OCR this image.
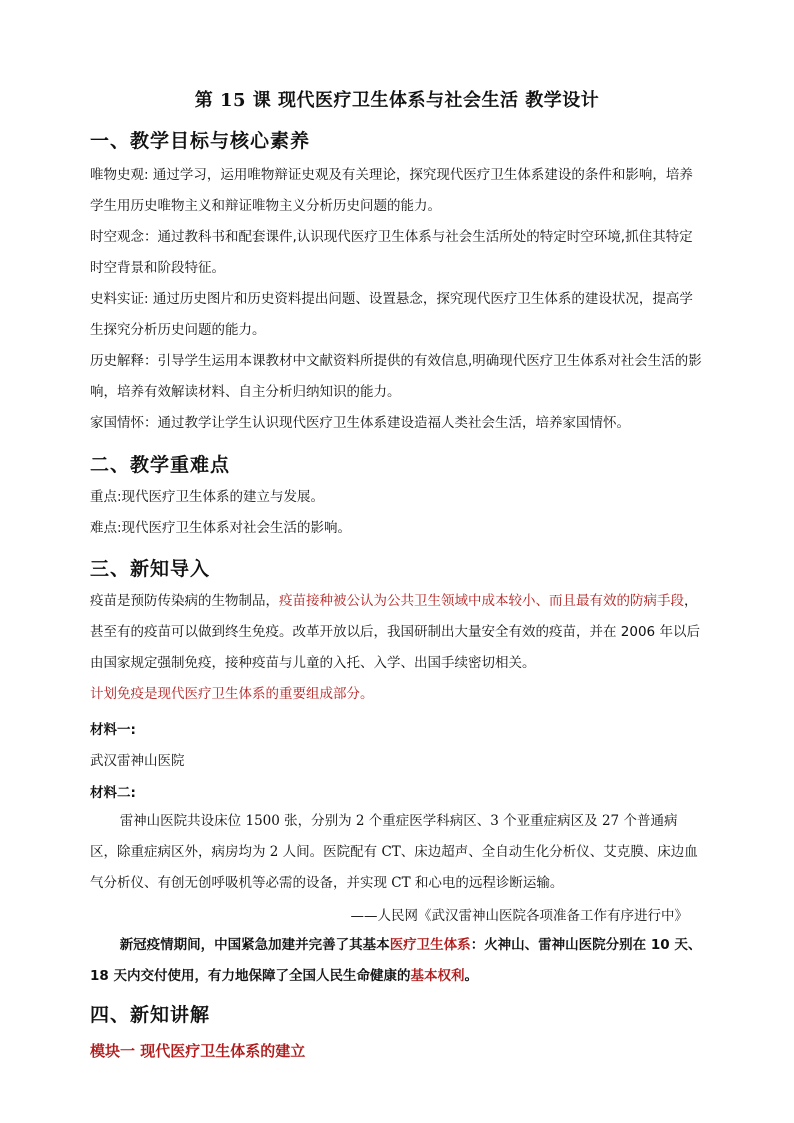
第 15 课 现代医疗卫生体系与社会生活 教学设计
一、教学目标与核心素养
唯物史观: 通过学习，运用唯物辩证史观及有关理论，探究现代医疗卫生体系建设的条件和影响，培养学生用历史唯物主义和辩证唯物主义分析历史问题的能力。
时空观念：通过教科书和配套课件,认识现代医疗卫生体系与社会生活所处的特定时空环境,抓住其特定时空背景和阶段特征。
史料实证: 通过历史图片和历史资料提出问题、设置悬念，探究现代医疗卫生体系的建设状况，提高学生探究分析历史问题的能力。
历史解释：引导学生运用本课教材中文献资料所提供的有效信息,明确现代医疗卫生体系对社会生活的影响，培养有效解读材料、自主分析归纳知识的能力。
家国情怀：通过教学让学生认识现代医疗卫生体系建设造福人类社会生活，培养家国情怀。
二、教学重难点
重点:现代医疗卫生体系的建立与发展。
难点:现代医疗卫生体系对社会生活的影响。
三、新知导入
疫苗是预防传染病的生物制品，疫苗接种被公认为公共卫生领域中成本较小、而且最有效的防病手段，甚至有的疫苗可以做到终生免疫。改革开放以后，我国研制出大量安全有效的疫苗，并在 2006 年以后由国家规定强制免疫，接种疫苗与儿童的入托、入学、出国手续密切相关。
计划免疫是现代医疗卫生体系的重要组成部分。
材料一:
武汉雷神山医院
材料二:
雷神山医院共设床位 1500 张，分别为 2 个重症医学科病区、3 个亚重症病区及 27 个普通病区，除重症病区外，病房均为 2 人间。医院配有 CT、床边超声、全自动生化分析仪、艾克膜、床边血气分析仪、有创无创呼吸机等必需的设备，并实现 CT 和心电的远程诊断运输。
——人民网《武汉雷神山医院各项准备工作有序进行中》
新冠疫情期间，中国紧急加建并完善了其基本医疗卫生体系：火神山、雷神山医院分别在 10 天、18 天内交付使用，有力地保障了全国人民生命健康的基本权利。
四、新知讲解
模块一 现代医疗卫生体系的建立
